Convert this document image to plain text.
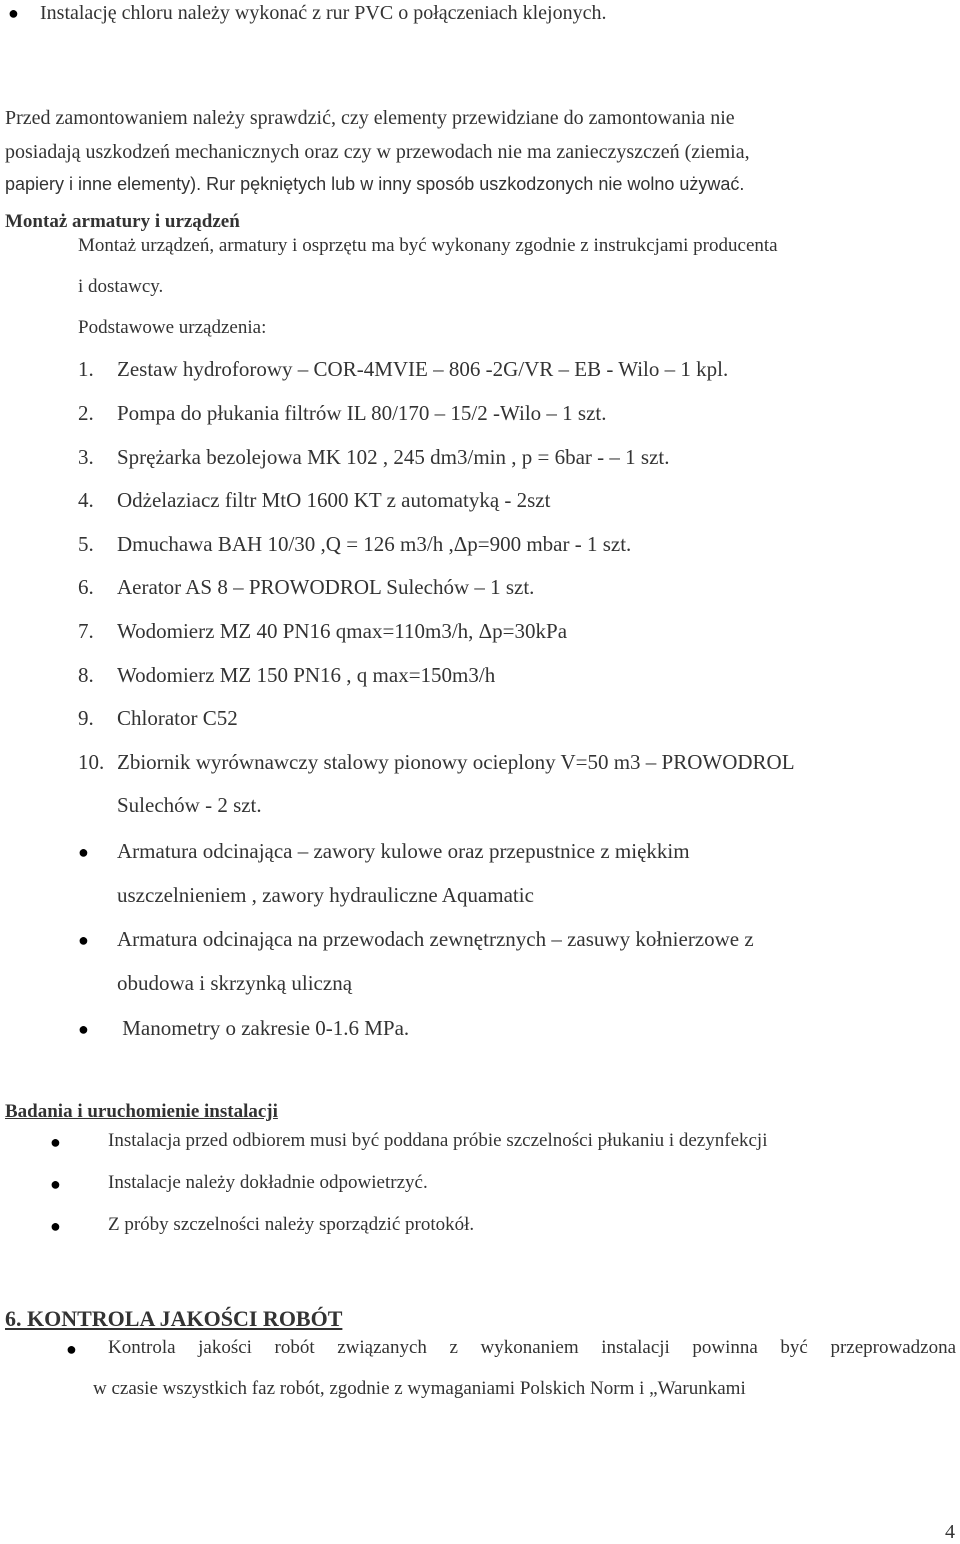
● Instalację chloru należy wykonać z rur PVC o połączeniach klejonych.
Przed zamontowaniem należy sprawdzić, czy elementy przewidziane do zamontowania nie
posiadają uszkodzeń mechanicznych oraz czy w przewodach nie ma zanieczyszczeń (ziemia,
papiery i inne elementy). Rur pękniętych lub w inny sposób uszkodzonych nie wolno używać.
Montaż armatury i urządzeń
Montaż urządzeń, armatury i osprzętu ma być wykonany zgodnie z instrukcjami producenta
i dostawcy.
Podstawowe urządzenia:
1. Zestaw hydroforowy – COR-4MVIE – 806 -2G/VR – EB - Wilo – 1 kpl.
2. Pompa do płukania filtrów IL 80/170 – 15/2 -Wilo – 1 szt.
3. Sprężarka bezolejowa MK 102 , 245 dm3/min , p = 6bar - – 1 szt.
4. Odżelaziacz filtr MtO 1600 KT z automatyką - 2szt
5. Dmuchawa BAH 10/30 ,Q = 126 m3/h ,Δp=900 mbar - 1 szt.
6. Aerator AS 8 – PROWODROL Sulechów – 1 szt.
7. Wodomierz MZ 40 PN16 qmax=110m3/h, Δp=30kPa
8. Wodomierz MZ 150 PN16 , q max=150m3/h
9. Chlorator C52
10. Zbiornik wyrównawczy stalowy pionowy ocieplony V=50 m3 – PROWODROL
Sulechów - 2 szt.
● Armatura odcinająca – zawory kulowe oraz przepustnice z miękkim
uszczelnieniem , zawory hydrauliczne Aquamatic
● Armatura odcinająca na przewodach zewnętrznych – zasuwy kołnierzowe z
obudowa i skrzynką uliczną
● Manometry o zakresie 0-1.6 MPa.
Badania i uruchomienie instalacji
● Instalacja przed odbiorem musi być poddana próbie szczelności płukaniu i dezynfekcji
● Instalacje należy dokładnie odpowietrzyć.
● Z próby szczelności należy sporządzić protokół.
6. KONTROLA JAKOŚCI ROBÓT
● Kontrola jakości robót związanych z wykonaniem instalacji powinna być przeprowadzona
w czasie wszystkich faz robót, zgodnie z wymaganiami Polskich Norm i „Warunkami
4
